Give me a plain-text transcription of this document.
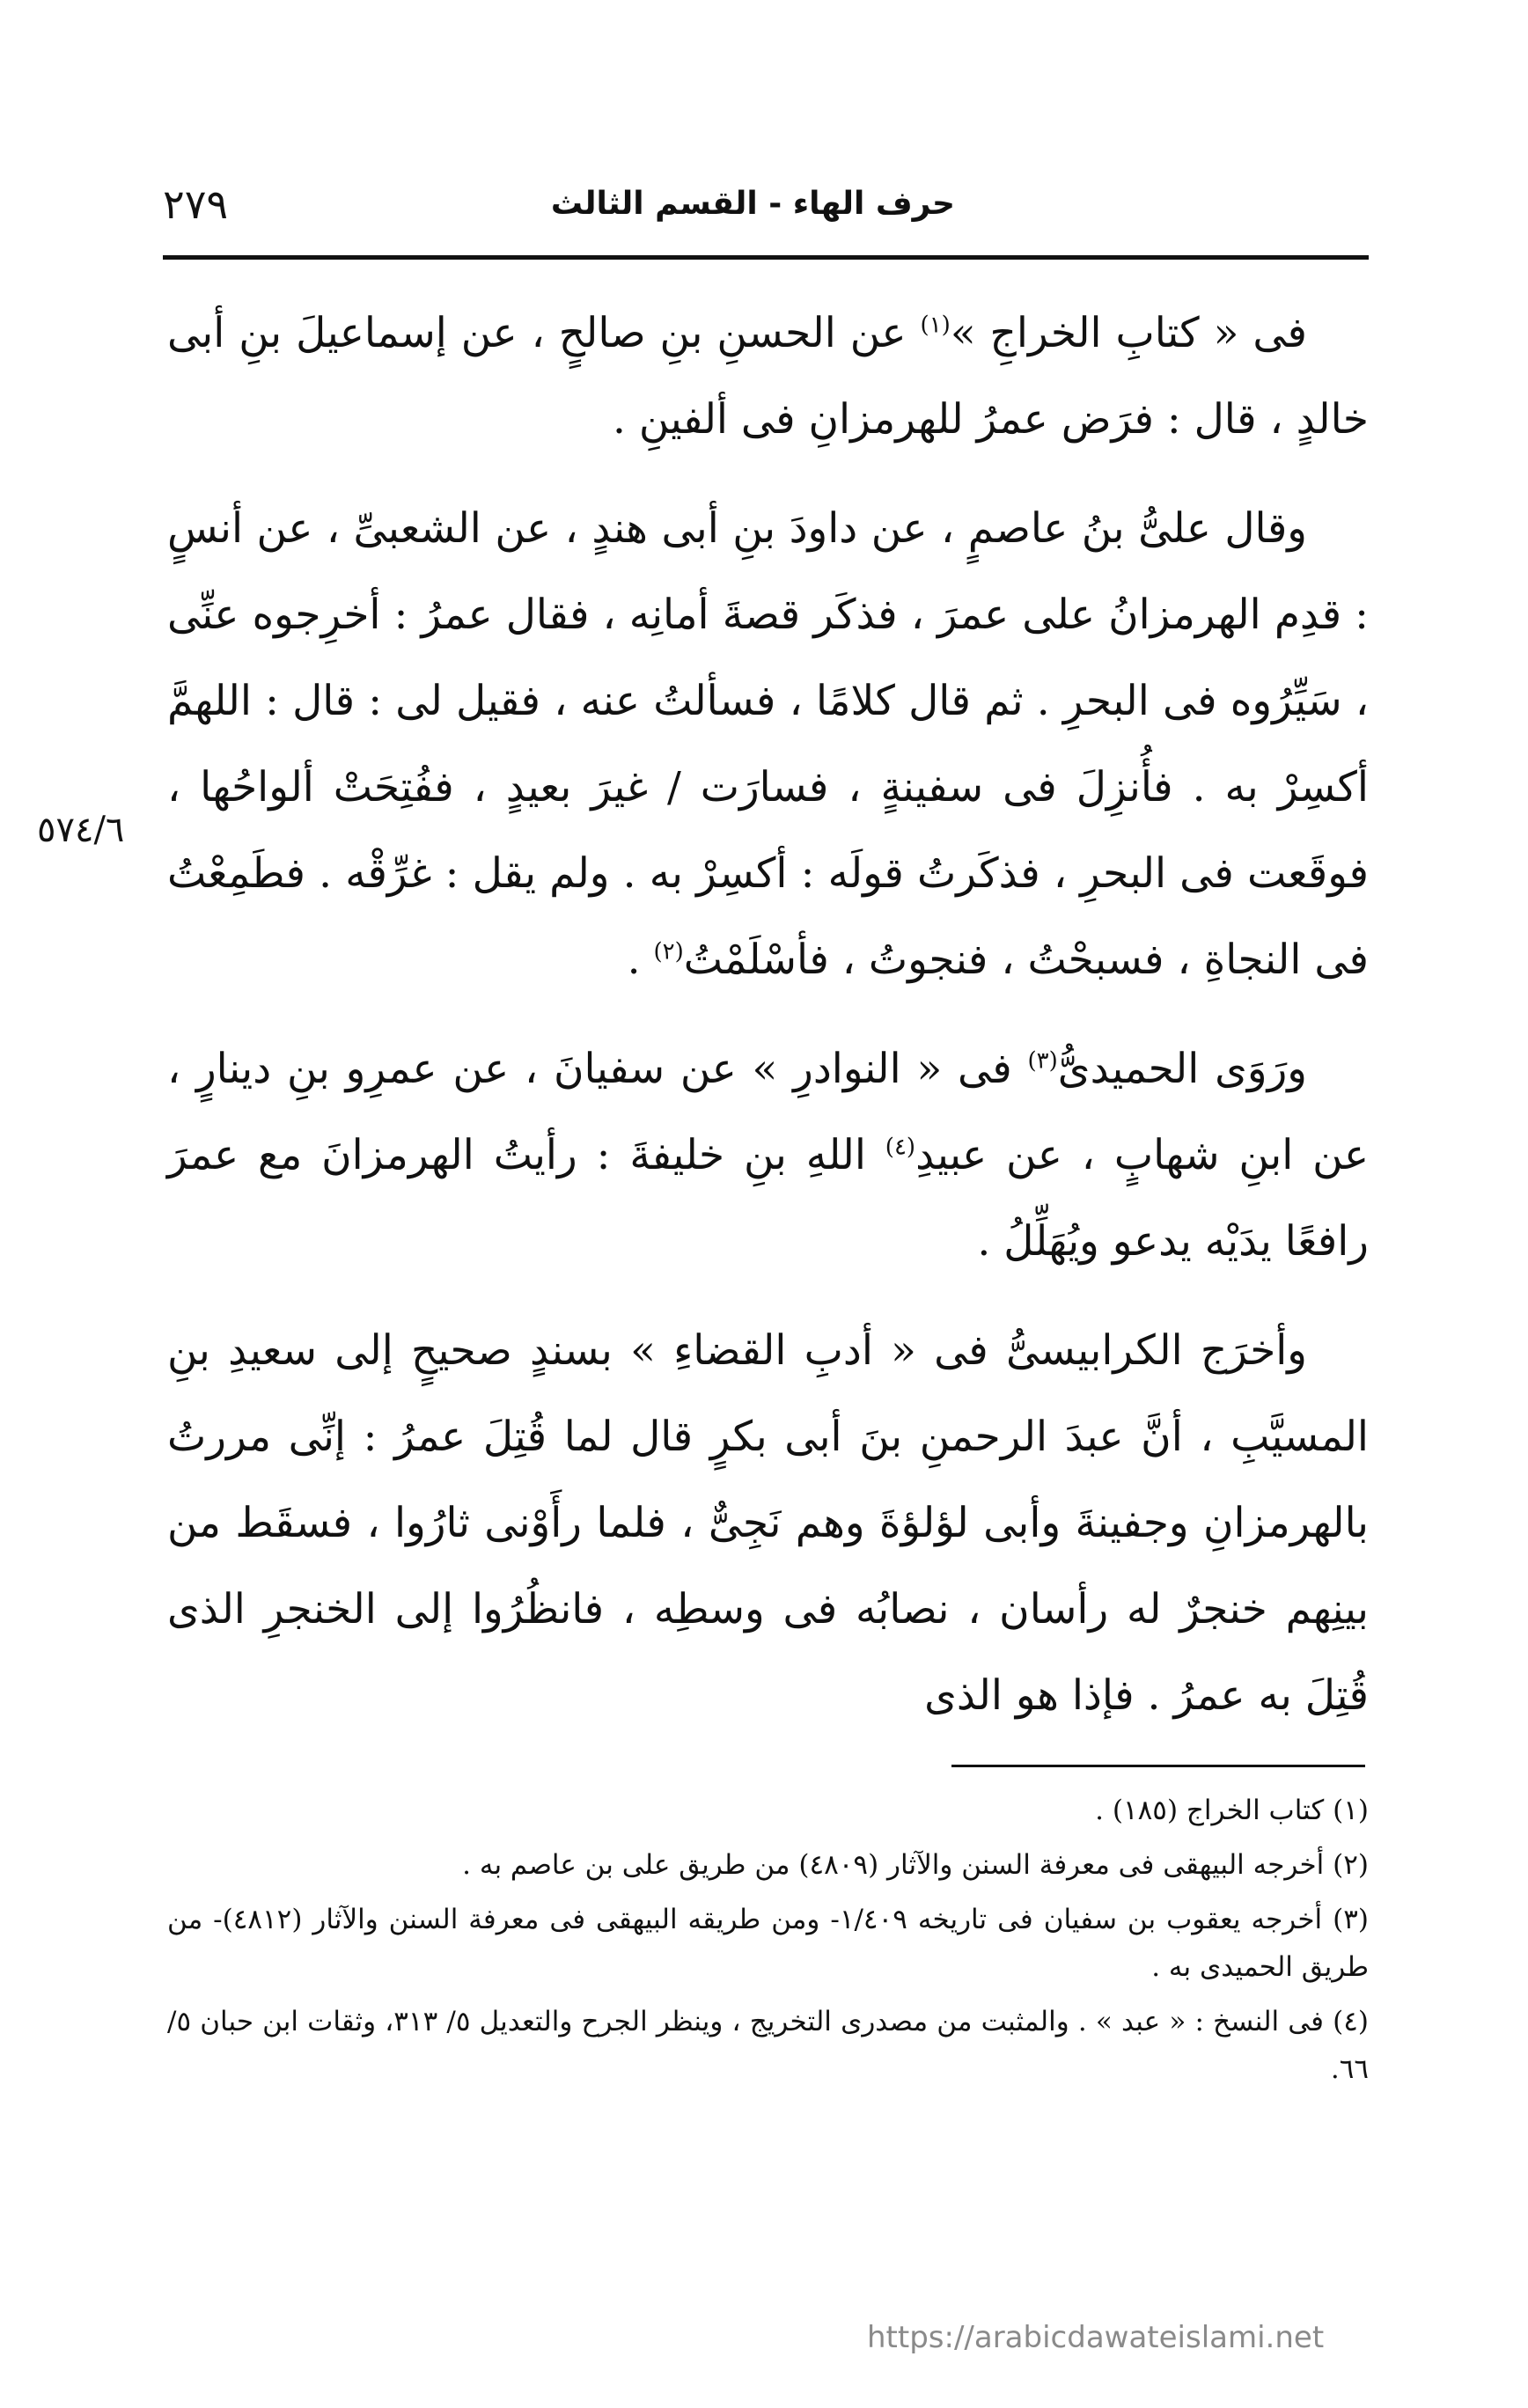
حرف الهاء - القسم الثالث
٢٧٩
٥٧٤/٦

فى « كتابِ الخراجِ »$^{(١)}$ عن الحسنِ بنِ صالحٍ ، عن إسماعيلَ بنِ أبى خالدٍ ، قال : فرَض عمرُ للهرمزانِ فى ألفينِ .

وقال علىُّ بنُ عاصمٍ ، عن داودَ بنِ أبى هندٍ ، عن الشعبىِّ ، عن أنسٍ : قدِم الهرمزانُ على عمرَ ، فذكَر قصةَ أمانِه ، فقال عمرُ : أخرِجوه عنِّى ، سَيِّرُوه فى البحرِ . ثم قال كلامًا ، فسألتُ عنه ، فقيل لى : قال : اللهمَّ أكسِرْ به . فأُنزِلَ فى سفينةٍ ، فسارَت / غيرَ بعيدٍ ، ففُتِحَتْ ألواحُها ، فوقَعت فى البحرِ ، فذكَرتُ قولَه : أكسِرْ به . ولم يقل : غرِّقْه . فطَمِعْتُ فى النجاةِ ، فسبحْتُ ، فنجوتُ ، فأسْلَمْتُ$^{(٢)}$ .

ورَوَى الحميدىُّ$^{(٣)}$ فى « النوادرِ » عن سفيانَ ، عن عمرِو بنِ دينارٍ ، عن ابنِ شهابٍ ، عن عبيدِ$^{(٤)}$ اللهِ بنِ خليفةَ : رأيتُ الهرمزانَ مع عمرَ رافعًا يدَيْه يدعو ويُهَلِّلُ .

وأخرَج الكرابيسىُّ فى « أدبِ القضاءِ » بسندٍ صحيحٍ إلى سعيدِ بنِ المسيَّبِ ، أنَّ عبدَ الرحمنِ بنَ أبى بكرٍ قال لما قُتِلَ عمرُ : إنِّى مررتُ بالهرمزانِ وجفينةَ وأبى لؤلؤةَ وهم نَجِىٌّ ، فلما رأَوْنى ثارُوا ، فسقَط من بينِهم خنجرٌ له رأسان ، نصابُه فى وسطِه ، فانظُرُوا إلى الخنجرِ الذى قُتِلَ به عمرُ . فإذا هو الذى

(١) كتاب الخراج (١٨٥) .
(٢) أخرجه البيهقى فى معرفة السنن والآثار (٤٨٠٩) من طريق على بن عاصم به .
(٣) أخرجه يعقوب بن سفيان فى تاريخه ١/٤٠٩- ومن طريقه البيهقى فى معرفة السنن والآثار (٤٨١٢)- من طريق الحميدى به .
(٤) فى النسخ : « عبد » . والمثبت من مصدرى التخريج ، وينظر الجرح والتعديل ٥/ ٣١٣، وثقات ابن حبان ٥/ ٦٦.
https://arabicdawateislami.net
